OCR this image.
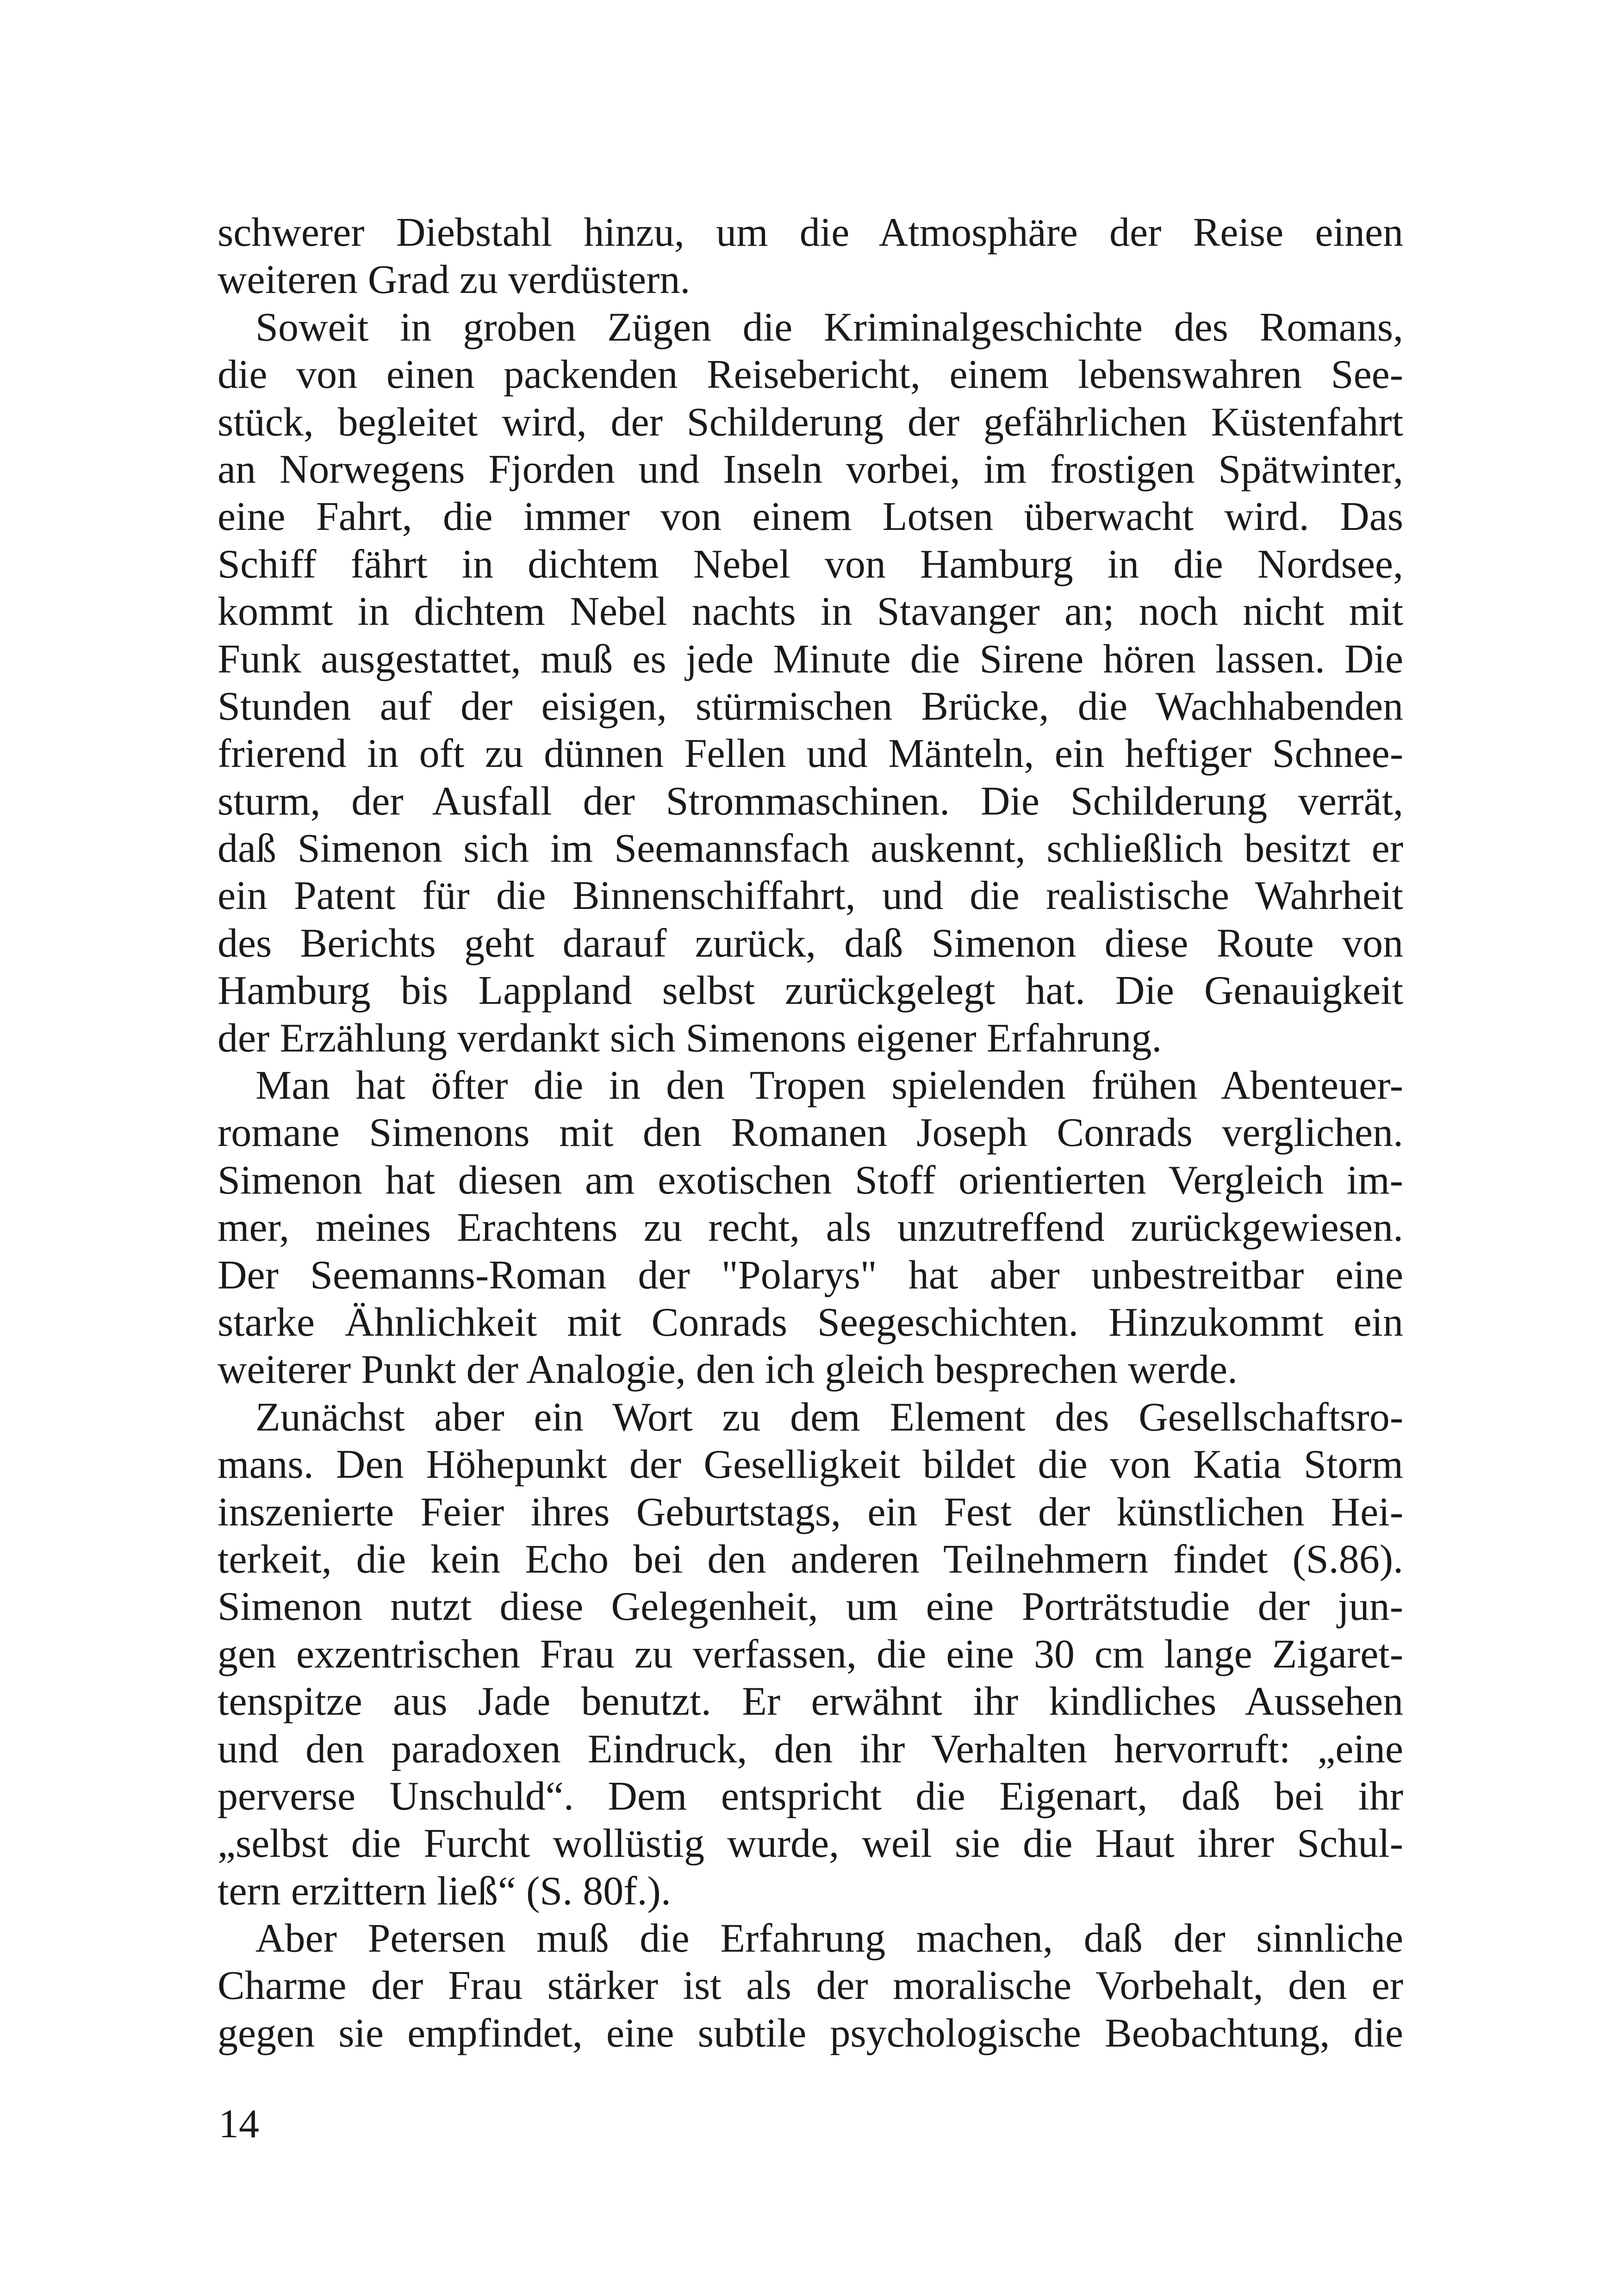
schwerer Diebstahl hinzu, um die Atmosphäre der Reise einen
weiteren Grad zu verdüstern.
Soweit in groben Zügen die Kriminalgeschichte des Romans,
die von einen packenden Reisebericht, einem lebenswahren See-
stück, begleitet wird, der Schilderung der gefährlichen Küstenfahrt
an Norwegens Fjorden und Inseln vorbei, im frostigen Spätwinter,
eine Fahrt, die immer von einem Lotsen überwacht wird. Das
Schiff fährt in dichtem Nebel von Hamburg in die Nordsee,
kommt in dichtem Nebel nachts in Stavanger an; noch nicht mit
Funk ausgestattet, muß es jede Minute die Sirene hören lassen. Die
Stunden auf der eisigen, stürmischen Brücke, die Wachhabenden
frierend in oft zu dünnen Fellen und Mänteln, ein heftiger Schnee-
sturm, der Ausfall der Strommaschinen. Die Schilderung verrät,
daß Simenon sich im Seemannsfach auskennt, schließlich besitzt er
ein Patent für die Binnenschiffahrt, und die realistische Wahrheit
des Berichts geht darauf zurück, daß Simenon diese Route von
Hamburg bis Lappland selbst zurückgelegt hat. Die Genauigkeit
der Erzählung verdankt sich Simenons eigener Erfahrung.
Man hat öfter die in den Tropen spielenden frühen Abenteuer-
romane Simenons mit den Romanen Joseph Conrads verglichen.
Simenon hat diesen am exotischen Stoff orientierten Vergleich im-
mer, meines Erachtens zu recht, als unzutreffend zurückgewiesen.
Der Seemanns-Roman der "Polarys" hat aber unbestreitbar eine
starke Ähnlichkeit mit Conrads Seegeschichten. Hinzukommt ein
weiterer Punkt der Analogie, den ich gleich besprechen werde.
Zunächst aber ein Wort zu dem Element des Gesellschaftsro-
mans. Den Höhepunkt der Geselligkeit bildet die von Katia Storm
inszenierte Feier ihres Geburtstags, ein Fest der künstlichen Hei-
terkeit, die kein Echo bei den anderen Teilnehmern findet (S.86).
Simenon nutzt diese Gelegenheit, um eine Porträtstudie der jun-
gen exzentrischen Frau zu verfassen, die eine 30 cm lange Zigaret-
tenspitze aus Jade benutzt. Er erwähnt ihr kindliches Aussehen
und den paradoxen Eindruck, den ihr Verhalten hervorruft: „eine
perverse Unschuld“. Dem entspricht die Eigenart, daß bei ihr
„selbst die Furcht wollüstig wurde, weil sie die Haut ihrer Schul-
tern erzittern ließ“ (S. 80f.).
Aber Petersen muß die Erfahrung machen, daß der sinnliche
Charme der Frau stärker ist als der moralische Vorbehalt, den er
gegen sie empfindet, eine subtile psychologische Beobachtung, die
14
